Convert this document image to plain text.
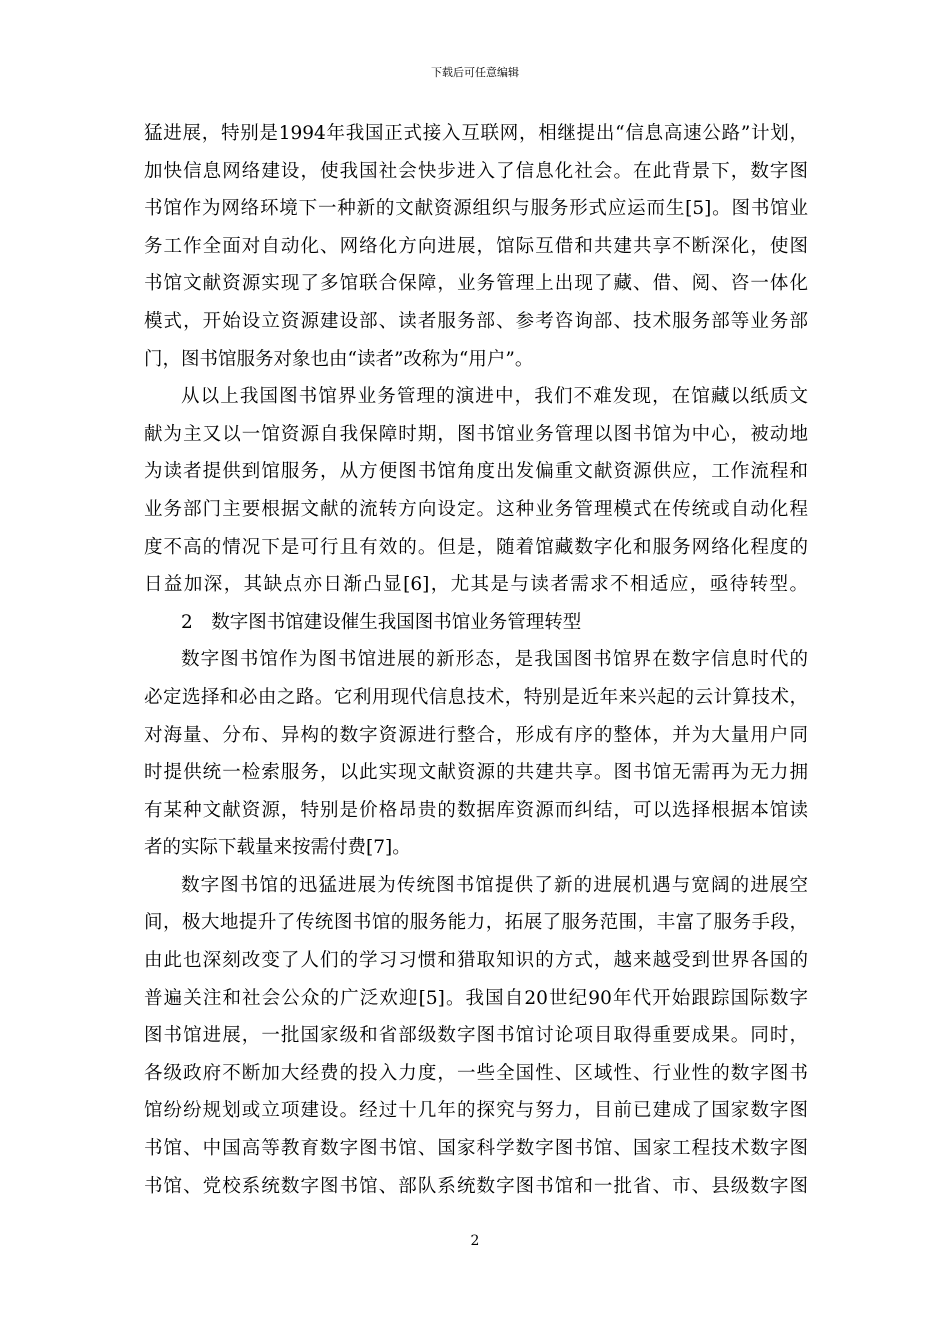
下载后可任意编辑
猛进展，特别是1994年我国正式接入互联网，相继提出“信息高速公路”计划，
加快信息网络建设，使我国社会快步进入了信息化社会。在此背景下，数字图
书馆作为网络环境下一种新的文献资源组织与服务形式应运而生[5]。图书馆业
务工作全面对自动化、网络化方向进展，馆际互借和共建共享不断深化，使图
书馆文献资源实现了多馆联合保障，业务管理上出现了藏、借、阅、咨一体化
模式，开始设立资源建设部、读者服务部、参考咨询部、技术服务部等业务部
门，图书馆服务对象也由“读者”改称为“用户”。
从以上我国图书馆界业务管理的演进中，我们不难发现，在馆藏以纸质文
献为主又以一馆资源自我保障时期，图书馆业务管理以图书馆为中心，被动地
为读者提供到馆服务，从方便图书馆角度出发偏重文献资源供应，工作流程和
业务部门主要根据文献的流转方向设定。这种业务管理模式在传统或自动化程
度不高的情况下是可行且有效的。但是，随着馆藏数字化和服务网络化程度的
日益加深，其缺点亦日渐凸显[6]，尤其是与读者需求不相适应，亟待转型。
2　数字图书馆建设催生我国图书馆业务管理转型
数字图书馆作为图书馆进展的新形态，是我国图书馆界在数字信息时代的
必定选择和必由之路。它利用现代信息技术，特别是近年来兴起的云计算技术，
对海量、分布、异构的数字资源进行整合，形成有序的整体，并为大量用户同
时提供统一检索服务，以此实现文献资源的共建共享。图书馆无需再为无力拥
有某种文献资源，特别是价格昂贵的数据库资源而纠结，可以选择根据本馆读
者的实际下载量来按需付费[7]。
数字图书馆的迅猛进展为传统图书馆提供了新的进展机遇与宽阔的进展空
间，极大地提升了传统图书馆的服务能力，拓展了服务范围，丰富了服务手段，
由此也深刻改变了人们的学习习惯和猎取知识的方式，越来越受到世界各国的
普遍关注和社会公众的广泛欢迎[5]。我国自20世纪90年代开始跟踪国际数字
图书馆进展，一批国家级和省部级数字图书馆讨论项目取得重要成果。同时，
各级政府不断加大经费的投入力度，一些全国性、区域性、行业性的数字图书
馆纷纷规划或立项建设。经过十几年的探究与努力，目前已建成了国家数字图
书馆、中国高等教育数字图书馆、国家科学数字图书馆、国家工程技术数字图
书馆、党校系统数字图书馆、部队系统数字图书馆和一批省、市、县级数字图
2
